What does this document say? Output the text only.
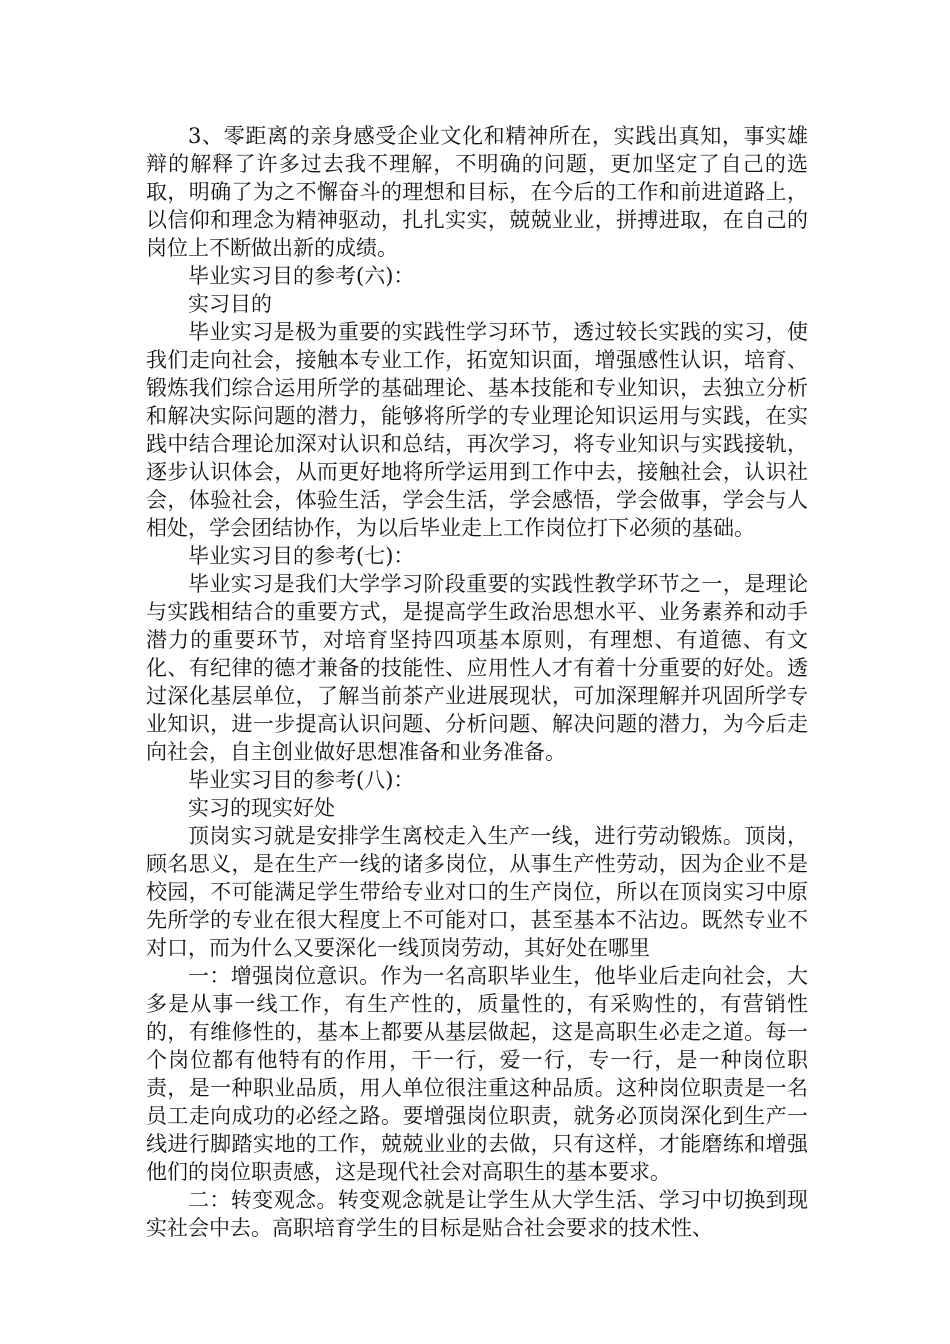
3、零距离的亲身感受企业文化和精神所在，实践出真知，事实雄辩的解释了许多过去我不理解，不明确的问题，更加坚定了自己的选取，明确了为之不懈奋斗的理想和目标，在今后的工作和前进道路上，以信仰和理念为精神驱动，扎扎实实，兢兢业业，拼搏进取，在自己的岗位上不断做出新的成绩。

毕业实习目的参考(六)：

实习目的

毕业实习是极为重要的实践性学习环节，透过较长实践的实习，使我们走向社会，接触本专业工作，拓宽知识面，增强感性认识，培育、锻炼我们综合运用所学的基础理论、基本技能和专业知识，去独立分析和解决实际问题的潜力，能够将所学的专业理论知识运用与实践，在实践中结合理论加深对认识和总结，再次学习，将专业知识与实践接轨，逐步认识体会，从而更好地将所学运用到工作中去，接触社会，认识社会，体验社会，体验生活，学会生活，学会感悟，学会做事，学会与人相处，学会团结协作，为以后毕业走上工作岗位打下必须的基础。

毕业实习目的参考(七)：

毕业实习是我们大学学习阶段重要的实践性教学环节之一，是理论与实践相结合的重要方式，是提高学生政治思想水平、业务素养和动手潜力的重要环节，对培育坚持四项基本原则，有理想、有道德、有文化、有纪律的德才兼备的技能性、应用性人才有着十分重要的好处。透过深化基层单位，了解当前茶产业进展现状，可加深理解并巩固所学专业知识，进一步提高认识问题、分析问题、解决问题的潜力，为今后走向社会，自主创业做好思想准备和业务准备。

毕业实习目的参考(八)：

实习的现实好处

顶岗实习就是安排学生离校走入生产一线，进行劳动锻炼。顶岗，顾名思义，是在生产一线的诸多岗位，从事生产性劳动，因为企业不是校园，不可能满足学生带给专业对口的生产岗位，所以在顶岗实习中原先所学的专业在很大程度上不可能对口，甚至基本不沾边。既然专业不对口，而为什么又要深化一线顶岗劳动，其好处在哪里

一：增强岗位意识。作为一名高职毕业生，他毕业后走向社会，大多是从事一线工作，有生产性的，质量性的，有采购性的，有营销性的，有维修性的，基本上都要从基层做起，这是高职生必走之道。每一个岗位都有他特有的作用，干一行，爱一行，专一行，是一种岗位职责，是一种职业品质，用人单位很注重这种品质。这种岗位职责是一名员工走向成功的必经之路。要增强岗位职责，就务必顶岗深化到生产一线进行脚踏实地的工作，兢兢业业的去做，只有这样，才能磨练和增强他们的岗位职责感，这是现代社会对高职生的基本要求。

二：转变观念。转变观念就是让学生从大学生活、学习中切换到现实社会中去。高职培育学生的目标是贴合社会要求的技术性、
